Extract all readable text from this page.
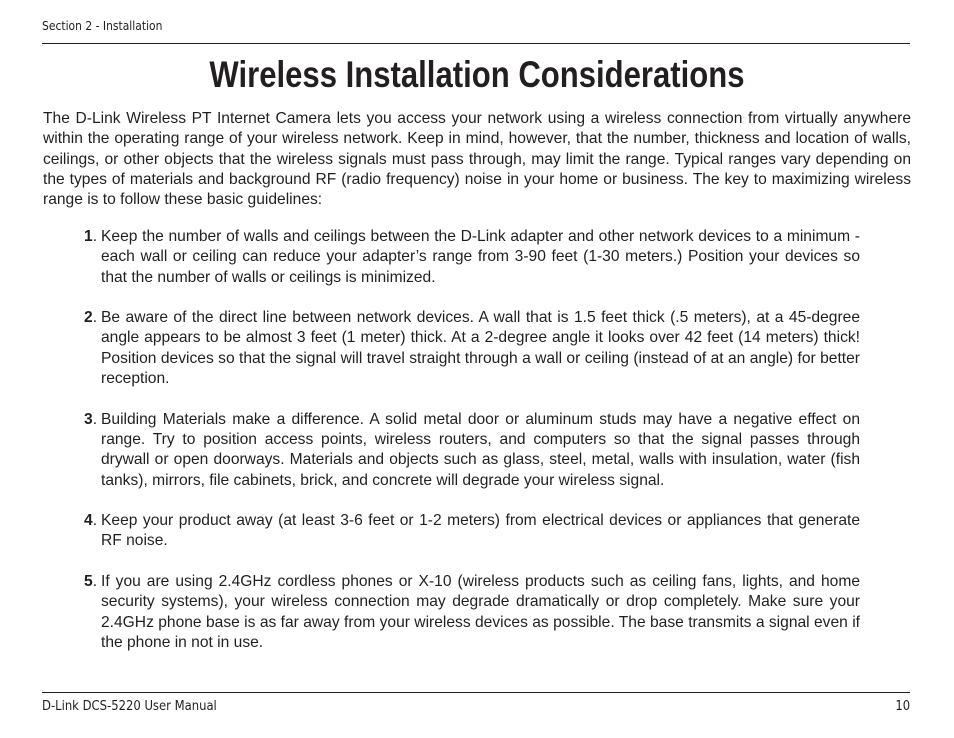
Section 2 - Installation
Wireless Installation Considerations

The D-Link Wireless PT Internet Camera lets you access your network using a wireless connection from virtually anywhere within the operating range of your wireless network. Keep in mind, however, that the number, thickness and location of walls, ceilings, or other objects that the wireless signals must pass through, may limit the range. Typical ranges vary depending on the types of materials and background RF (radio frequency) noise in your home or business. The key to maximizing wireless range is to follow these basic guidelines:

1 . Keep the number of walls and ceilings between the D-Link adapter and other network devices to a minimum - each wall or ceiling can reduce your adapter’s range from 3-90 feet (1-30 meters.) Position your devices so that the number of walls or ceilings is minimized.
2 . Be aware of the direct line between network devices. A wall that is 1.5 feet thick (.5 meters), at a 45-degree angle appears to be almost 3 feet (1 meter) thick. At a 2-degree angle it looks over 42 feet (14 meters) thick! Position devices so that the signal will travel straight through a wall or ceiling (instead of at an angle) for better reception.
3 . Building Materials make a difference. A solid metal door or aluminum studs may have a negative effect on range. Try to position access points, wireless routers, and computers so that the signal passes through drywall or open doorways. Materials and objects such as glass, steel, metal, walls with insulation, water (fish tanks), mirrors, file cabinets, brick, and concrete will degrade your wireless signal.
4 . Keep your product away (at least 3-6 feet or 1-2 meters) from electrical devices or appliances that generate RF noise.
5 . If you are using 2.4GHz cordless phones or X-10 (wireless products such as ceiling fans, lights, and home security systems), your wireless connection may degrade dramatically or drop completely. Make sure your 2.4GHz phone base is as far away from your wireless devices as possible. The base transmits a signal even if the phone in not in use.
D-Link DCS-5220 User Manual	10
